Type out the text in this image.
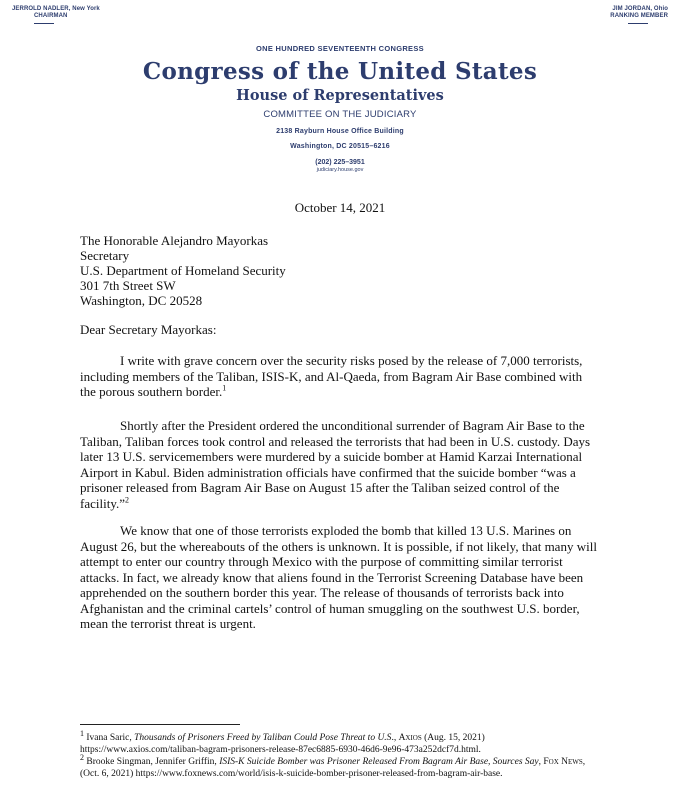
JERROLD NADLER, New York
CHAIRMAN
JIM JORDAN, Ohio
RANKING MEMBER
ONE HUNDRED SEVENTEENTH CONGRESS
Congress of the United States
House of Representatives
COMMITTEE ON THE JUDICIARY
2138 Rayburn House Office Building
Washington, DC 20515–6216
(202) 225–3951
judiciary.house.gov
October 14, 2021
The Honorable Alejandro Mayorkas
Secretary
U.S. Department of Homeland Security
301 7th Street SW
Washington, DC 20528
Dear Secretary Mayorkas:

I write with grave concern over the security risks posed by the release of 7,000 terrorists, including members of the Taliban, ISIS-K, and Al-Qaeda, from Bagram Air Base combined with the porous southern border.$^1$

Shortly after the President ordered the unconditional surrender of Bagram Air Base to the Taliban, Taliban forces took control and released the terrorists that had been in U.S. custody. Days later 13 U.S. servicemembers were murdered by a suicide bomber at Hamid Karzai International Airport in Kabul. Biden administration officials have confirmed that the suicide bomber “was a prisoner released from Bagram Air Base on August 15 after the Taliban seized control of the facility.”$^2$

We know that one of those terrorists exploded the bomb that killed 13 U.S. Marines on August 26, but the whereabouts of the others is unknown. It is possible, if not likely, that many will attempt to enter our country through Mexico with the purpose of committing similar terrorist attacks. In fact, we already know that aliens found in the Terrorist Screening Database have been apprehended on the southern border this year. The release of thousands of terrorists back into Afghanistan and the criminal cartels’ control of human smuggling on the southwest U.S. border, mean the terrorist threat is urgent.

$^1$ Ivana Saric, Thousands of Prisoners Freed by Taliban Could Pose Threat to U.S., Axios (Aug. 15, 2021)
https://www.axios.com/taliban-bagram-prisoners-release-87ec6885-6930-46d6-9e96-473a252dcf7d.html.

$^2$ Brooke Singman, Jennifer Griffin, ISIS-K Suicide Bomber was Prisoner Released From Bagram Air Base, Sources Say, Fox News, (Oct. 6, 2021) https://www.foxnews.com/world/isis-k-suicide-bomber-prisoner-released-from-bagram-air-base.
